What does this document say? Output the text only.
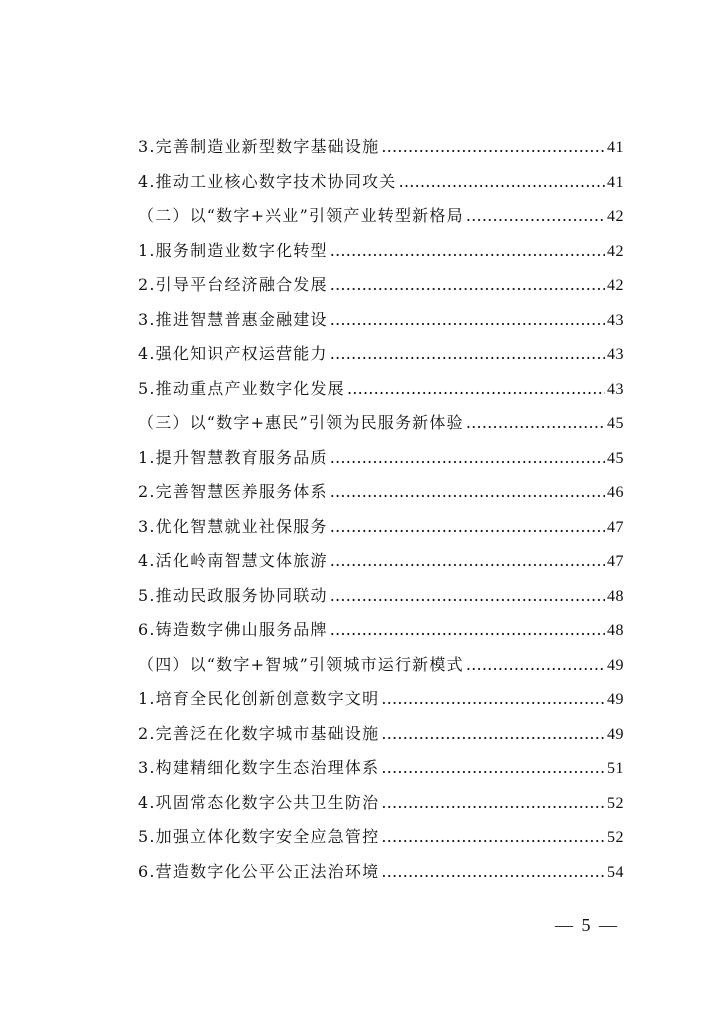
3.完善制造业新型数字基础设施 …………………………………………………………………………………………………………	41
4.推动工业核心数字技术协同攻关 …………………………………………………………………………………………………………	41
（二）以“数字+兴业”引领产业转型新格局 …………………………………………………………………………………………………………	42
1.服务制造业数字化转型 …………………………………………………………………………………………………………	42
2.引导平台经济融合发展 …………………………………………………………………………………………………………	42
3.推进智慧普惠金融建设 …………………………………………………………………………………………………………	43
4.强化知识产权运营能力 …………………………………………………………………………………………………………	43
5.推动重点产业数字化发展 …………………………………………………………………………………………………………	43
（三）以“数字+惠民”引领为民服务新体验 …………………………………………………………………………………………………………	45
1.提升智慧教育服务品质 …………………………………………………………………………………………………………	45
2.完善智慧医养服务体系 …………………………………………………………………………………………………………	46
3.优化智慧就业社保服务 …………………………………………………………………………………………………………	47
4.活化岭南智慧文体旅游 …………………………………………………………………………………………………………	47
5.推动民政服务协同联动 …………………………………………………………………………………………………………	48
6.铸造数字佛山服务品牌 …………………………………………………………………………………………………………	48
（四）以“数字+智城”引领城市运行新模式 …………………………………………………………………………………………………………	49
1.培育全民化创新创意数字文明 …………………………………………………………………………………………………………	49
2.完善泛在化数字城市基础设施 …………………………………………………………………………………………………………	49
3.构建精细化数字生态治理体系 …………………………………………………………………………………………………………	51
4.巩固常态化数字公共卫生防治 …………………………………………………………………………………………………………	52
5.加强立体化数字安全应急管控 …………………………………………………………………………………………………………	52
6.营造数字化公平公正法治环境 …………………………………………………………………………………………………………	54
— 5 —
